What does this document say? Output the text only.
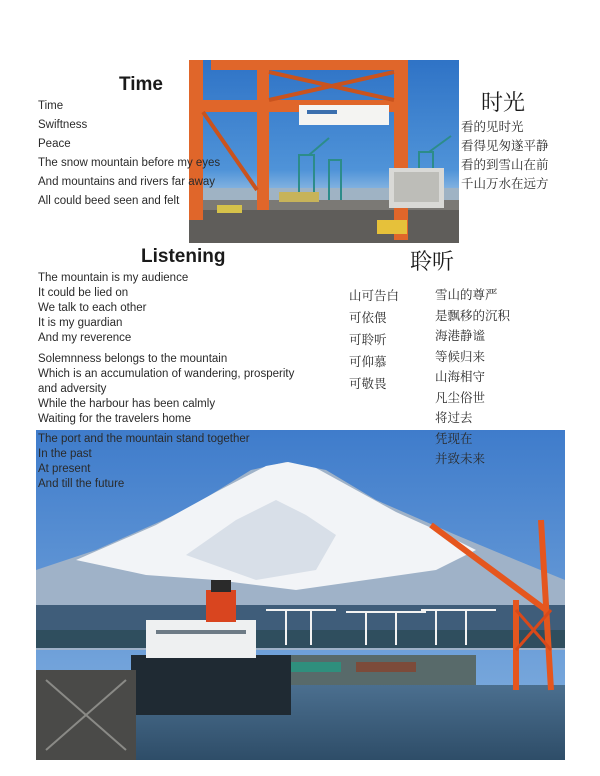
Time
Time
Swiftness
Peace
The snow mountain before my eyes
And mountains and rivers far away
All could beed seen and felt
时光
看的见时光
看得见匆遂平静
看的到雪山在前
千山万水在远方
Listening	聆听
The mountain is my audience
It could be lied on
We talk to each other
It is my guardian
And my reverence
Solemnness belongs to the mountain
Which is an accumulation of wandering, prosperity
and adversity
While the harbour has been calmly
Waiting for the travelers home
The port and the mountain stand together
In the past
At present
And till the future
山可告白
可依偎
可聆听
可仰慕
可敬畏
雪山的尊严
是飘移的沉积
海港静谧
等候归来
山海相守
凡尘俗世
将过去
凭现在
并致未来
